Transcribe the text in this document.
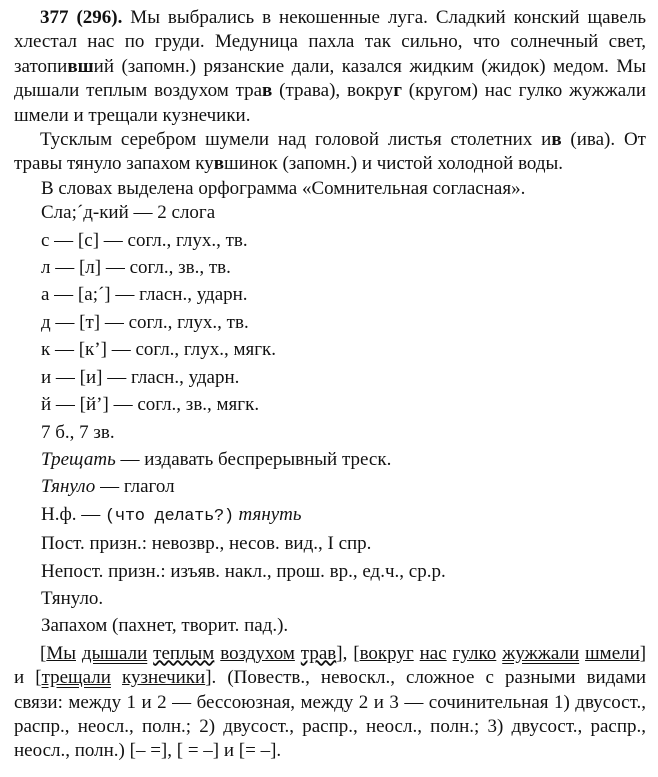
377 (296). Мы выбрались в некошенные луга. Сладкий конский щавель хлестал нас по груди. Медуница пахла так сильно, что солнечный свет, затопивший (запомн.) рязанские дали, казался жидким (жидок) медом. Мы дышали теплым воздухом трав (трава), вокруг (кругом) нас гулко жужжали шмели и трещали кузнечики.

Тусклым серебром шумели над головой листья столетних ив (ива). От травы тянуло запахом кувшинок (запомн.) и чистой холодной воды.

В словах выделена орфограмма «Сомнительная согласная».

Сла;´д-кий — 2 слога

с — [с] — согл., глух., тв.

л — [л] — согл., зв., тв.

а — [а;´] — гласн., ударн.

д — [т] — согл., глух., тв.

к — [к’] — согл., глух., мягк.

и — [и] — гласн., ударн.

й — [й’] — согл., зв., мягк.

7 б., 7 зв.

Трещать — издавать беспрерывный треск.

Тянуло — глагол

Н.ф. — (что делать?) тянуть

Пост. призн.: невозвр., несов. вид., I спр.

Непост. призн.: изъяв. накл., прош. вр., ед.ч., ср.р.

Тянуло.

Запахом (пахнет, творит. пад.).

[Мы дышали теплым воздухом трав], [вокруг нас гулко жужжали шмели] и [трещали кузнечики]. (Повеств., невоскл., сложное с разными видами связи: между 1 и 2 — бессоюзная, между 2 и 3 — сочинительная 1) двусост., распр., неосл., полн.; 2) двусост., распр., неосл., полн.; 3) двусост., распр., неосл., полн.) [– =], [ = –] и [= –].
